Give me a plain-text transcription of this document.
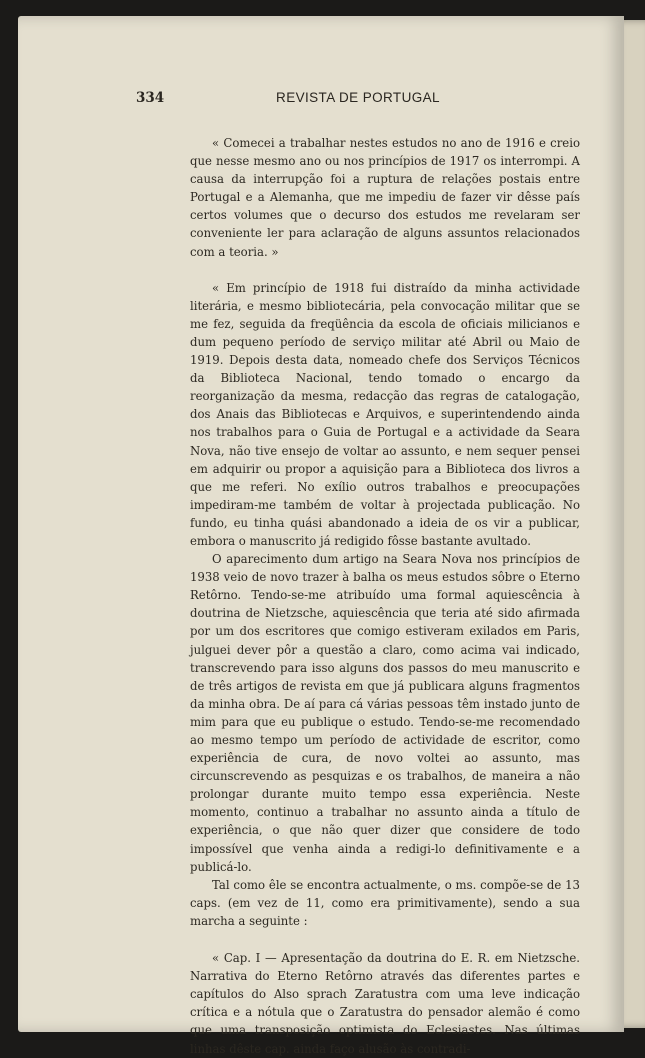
334	REVISTA DE PORTUGAL

« Comecei a trabalhar nestes estudos no ano de 1916 e creio que nesse mesmo ano ou nos princípios de 1917 os interrompi. A causa da interrupção foi a ruptura de relações postais entre Portugal e a Alemanha, que me impediu de fazer vir dêsse país certos volumes que o decurso dos estudos me revelaram ser conveniente ler para aclaração de alguns assuntos relacionados com a teoria. »

« Em princípio de 1918 fui distraído da minha actividade literária, e mesmo bibliotecária, pela convocação militar que se me fez, seguida da freqüência da escola de oficiais milicianos e dum pequeno período de serviço militar até Abril ou Maio de 1919. Depois desta data, nomeado chefe dos Serviços Técnicos da Biblioteca Nacional, tendo tomado o encargo da reorganização da mesma, redacção das regras de catalogação, dos Anais das Bibliotecas e Arquivos, e superintendendo ainda nos trabalhos para o Guia de Portugal e a actividade da Seara Nova, não tive ensejo de voltar ao assunto, e nem sequer pensei em adquirir ou propor a aquisição para a Biblioteca dos livros a que me referi. No exílio outros trabalhos e preocupações impediram-me também de voltar à projectada publicação. No fundo, eu tinha quási abandonado a ideia de os vir a publicar, embora o manuscrito já redigido fôsse bastante avultado.

O aparecimento dum artigo na Seara Nova nos princípios de 1938 veio de novo trazer à balha os meus estudos sôbre o Eterno Retôrno. Tendo-se-me atribuído uma formal aquiescência à doutrina de Nietzsche, aquiescência que teria até sido afirmada por um dos escritores que comigo estiveram exilados em Paris, julguei dever pôr a questão a claro, como acima vai indicado, transcrevendo para isso alguns dos passos do meu manuscrito e de três artigos de revista em que já publicara alguns fragmentos da minha obra. De aí para cá várias pessoas têm instado junto de mim para que eu publique o estudo. Tendo-se-me recomendado ao mesmo tempo um período de actividade de escritor, como experiência de cura, de novo voltei ao assunto, mas circunscrevendo as pesquizas e os trabalhos, de maneira a não prolongar durante muito tempo essa experiência. Neste momento, continuo a trabalhar no assunto ainda a título de experiência, o que não quer dizer que considere de todo impossível que venha ainda a redigi-lo definitivamente e a publicá-lo.

Tal como êle se encontra actualmente, o ms. compõe-se de 13 caps. (em vez de 11, como era primitivamente), sendo a sua marcha a seguinte :

« Cap. I — Apresentação da doutrina do E. R. em Nietzsche. Narrativa do Eterno Retôrno através das diferentes partes e capítulos do Also sprach Zaratustra com uma leve indicação crítica e a nótula que o Zaratustra do pensador alemão é como que uma transposição optimista do Eclesiastes. Nas últimas linhas dêste cap. ainda faço alusão às contradi-
